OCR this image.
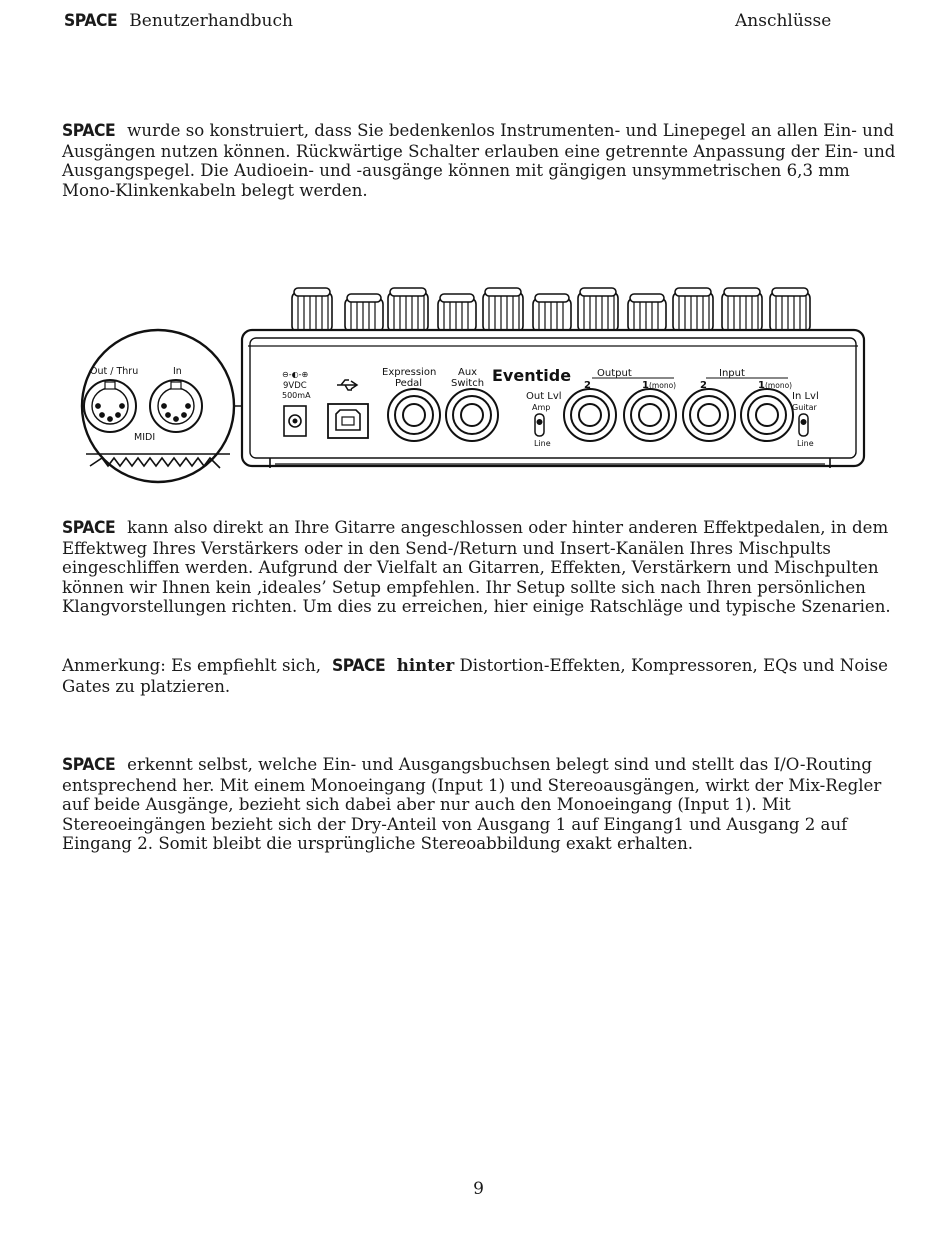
SPACE Benutzerhandbuch	Anschlüsse

SPACE wurde so konstruiert, dass Sie bedenkenlos Instrumenten- und Linepegel an allen Ein- und Ausgängen nutzen können. Rückwärtige Schalter erlauben eine getrennte Anpassung der Ein- und Ausgangspegel. Die Audioein- und -ausgänge können mit gängigen unsymmetrischen 6,3 mm Mono-Klinkenkabeln belegt werden.

Out / Thru	In
MIDI
⊖-◐-⊕
9VDC
500mA
Expression
Pedal
Aux
Switch Eventide
Out Lvl
Amp
Line
Output
2	1 (mono)
Input
2	1 (mono)
In Lvl
Guitar
Line

SPACE kann also direkt an Ihre Gitarre angeschlossen oder hinter anderen Effektpedalen, in dem Effektweg Ihres Verstärkers oder in den Send-/Return und Insert-Kanälen Ihres Mischpults eingeschliffen werden. Aufgrund der Vielfalt an Gitarren, Effekten, Verstärkern und Mischpulten können wir Ihnen kein ‚ideales’ Setup empfehlen. Ihr Setup sollte sich nach Ihren persönlichen Klangvorstellungen richten. Um dies zu erreichen, hier einige Ratschläge und typische Szenarien.

Anmerkung: Es empfiehlt sich, SPACE hinter Distortion-Effekten, Kompressoren, EQs und Noise Gates zu platzieren.

SPACE erkennt selbst, welche Ein- und Ausgangsbuchsen belegt sind und stellt das I/O-Routing entsprechend her. Mit einem Monoeingang (Input 1) und Stereoausgängen, wirkt der Mix-Regler auf beide Ausgänge, bezieht sich dabei aber nur auch den Monoeingang (Input 1). Mit Stereoeingängen bezieht sich der Dry-Anteil von Ausgang 1 auf Eingang1 und Ausgang 2 auf Eingang 2. Somit bleibt die ursprüngliche Stereoabbildung exakt erhalten.

9
